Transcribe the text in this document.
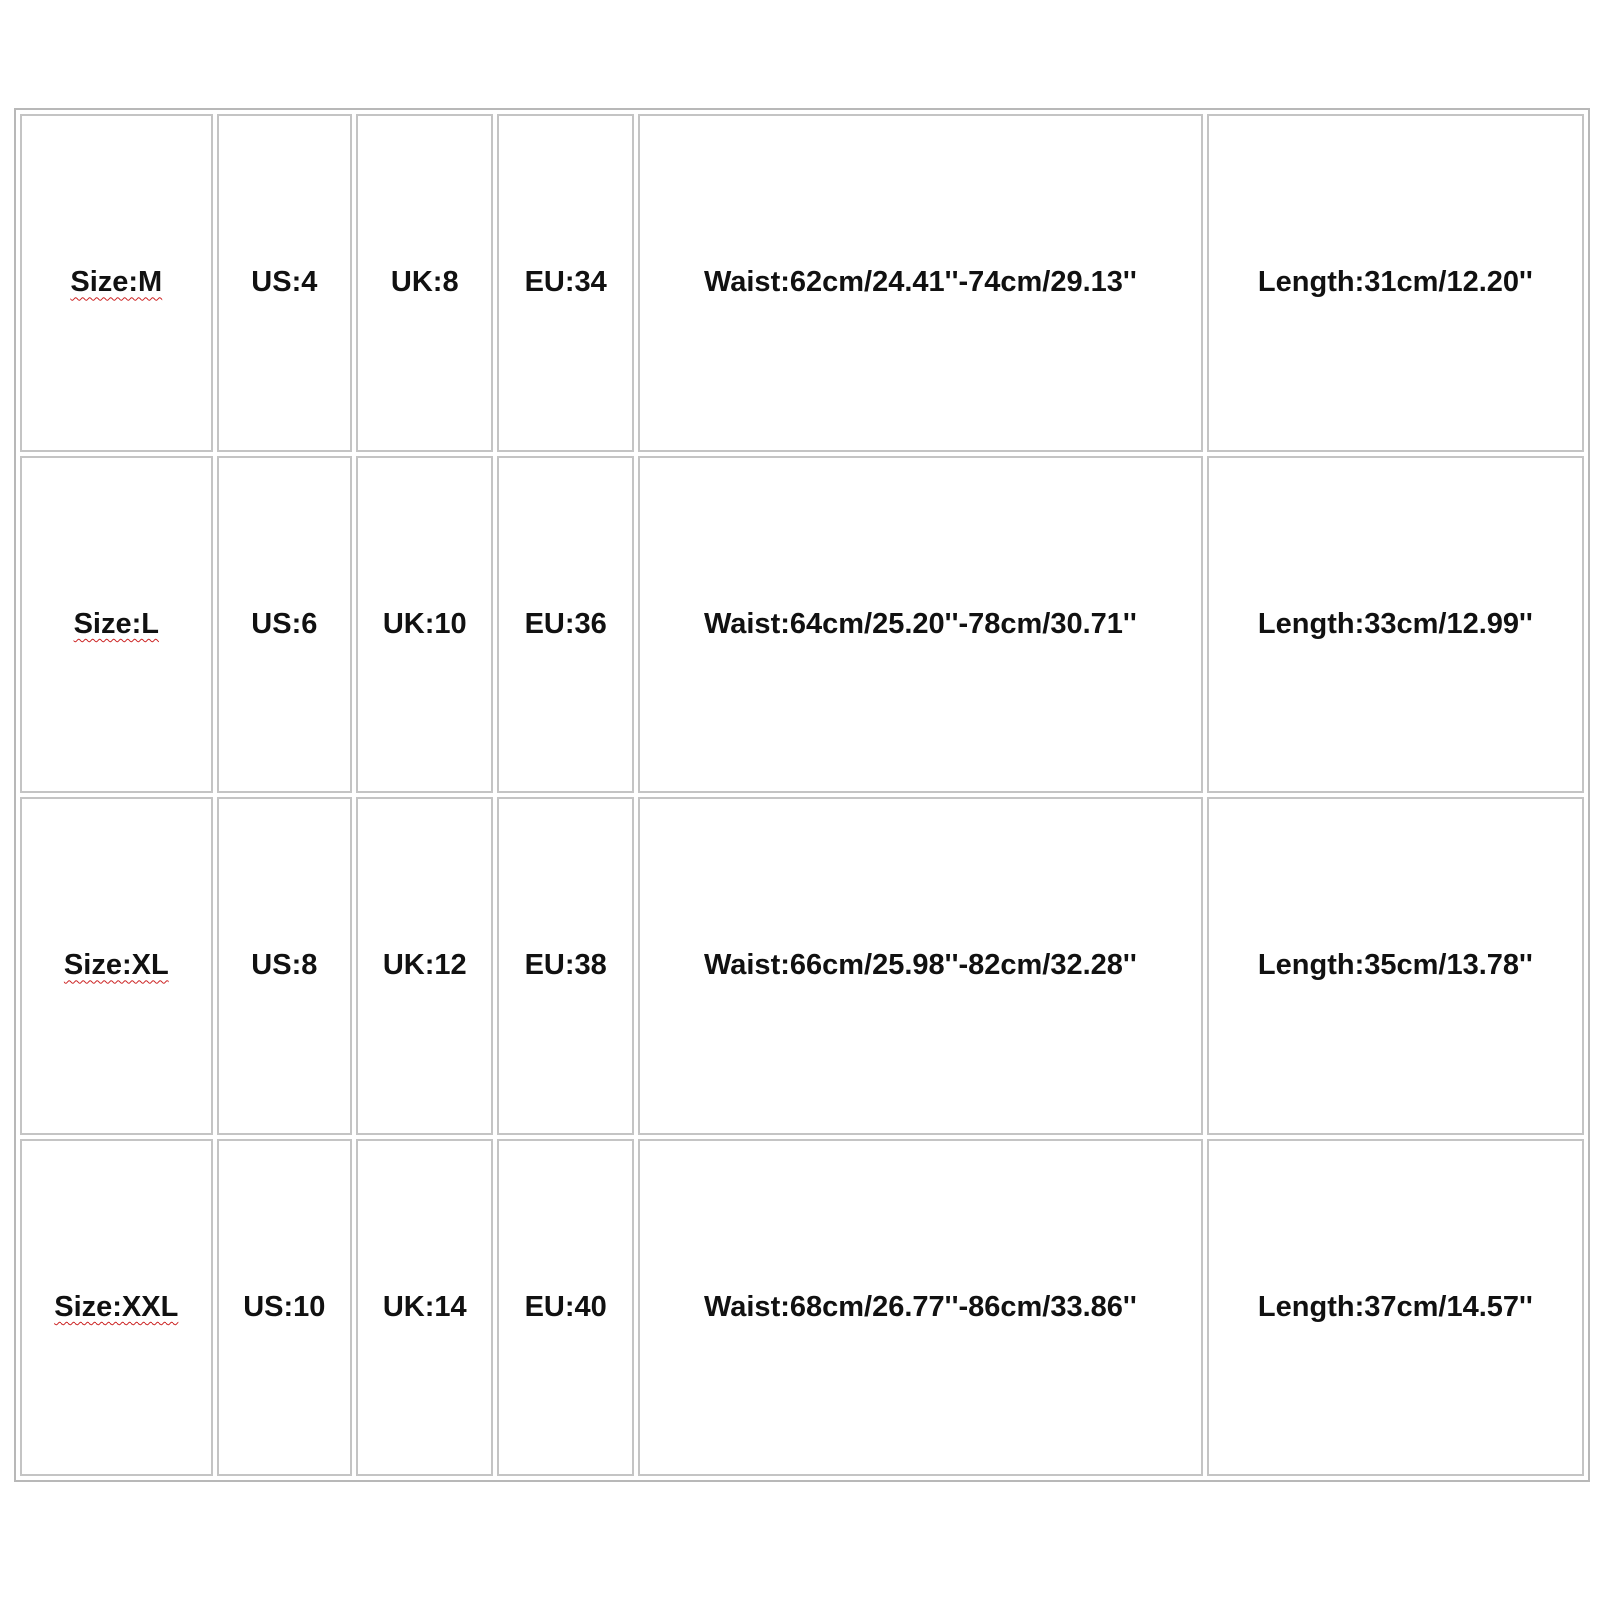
Size:M	US:4	UK:8	EU:34	Waist:62cm/24.41''-74cm/29.13''	Length:31cm/12.20''
Size:L	US:6	UK:10	EU:36	Waist:64cm/25.20''-78cm/30.71''	Length:33cm/12.99''
Size:XL	US:8	UK:12	EU:38	Waist:66cm/25.98''-82cm/32.28''	Length:35cm/13.78''
Size:XXL	US:10	UK:14	EU:40	Waist:68cm/26.77''-86cm/33.86''	Length:37cm/14.57''
